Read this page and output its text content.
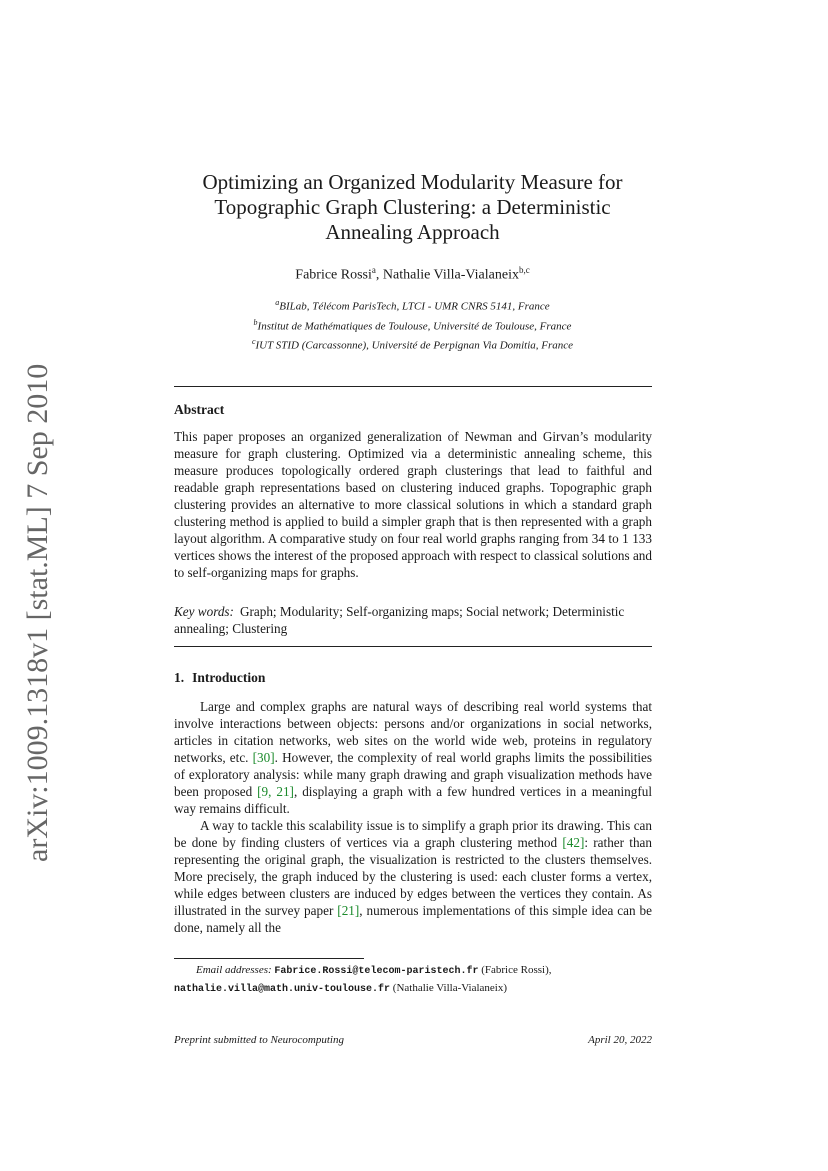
arXiv:1009.1318v1 [stat.ML] 7 Sep 2010
Optimizing an Organized Modularity Measure for
Topographic Graph Clustering: a Deterministic
Annealing Approach
Fabrice Rossi$^a$, Nathalie Villa-Vialaneix$^{b,c}$
$^a$BILab, Télécom ParisTech, LTCI - UMR CNRS 5141, France
$^b$Institut de Mathématiques de Toulouse, Université de Toulouse, France
$^c$IUT STID (Carcassonne), Université de Perpignan Via Domitia, France
Abstract
This paper proposes an organized generalization of Newman and Girvan’s modularity measure for graph clustering. Optimized via a deterministic annealing scheme, this measure produces topologically ordered graph clusterings that lead to faithful and readable graph representations based on clustering induced graphs. Topographic graph clustering provides an alternative to more classical solutions in which a standard graph clustering method is applied to build a simpler graph that is then represented with a graph layout algorithm. A comparative study on four real world graphs ranging from 34 to 1 133 vertices shows the interest of the proposed approach with respect to classical solutions and to self-organizing maps for graphs.
Key words: Graph; Modularity; Self-organizing maps; Social network; Deterministic annealing; Clustering
1. Introduction

Large and complex graphs are natural ways of describing real world systems that involve interactions between objects: persons and/or organizations in social networks, articles in citation networks, web sites on the world wide web, proteins in regulatory networks, etc. [30]. However, the complexity of real world graphs limits the possibilities of exploratory analysis: while many graph drawing and graph visualization methods have been proposed [9, 21], displaying a graph with a few hundred vertices in a meaningful way remains difficult.

A way to tackle this scalability issue is to simplify a graph prior its drawing. This can be done by finding clusters of vertices via a graph clustering method [42]: rather than representing the original graph, the visualization is restricted to the clusters themselves. More precisely, the graph induced by the clustering is used: each cluster forms a vertex, while edges between clusters are induced by edges between the vertices they contain. As illustrated in the survey paper [21], numerous implementations of this simple idea can be done, namely all the

Email addresses: Fabrice.Rossi@telecom-paristech.fr (Fabrice Rossi),
nathalie.villa@math.univ-toulouse.fr (Nathalie Villa-Vialaneix)
Preprint submitted to Neurocomputing	April 20, 2022
